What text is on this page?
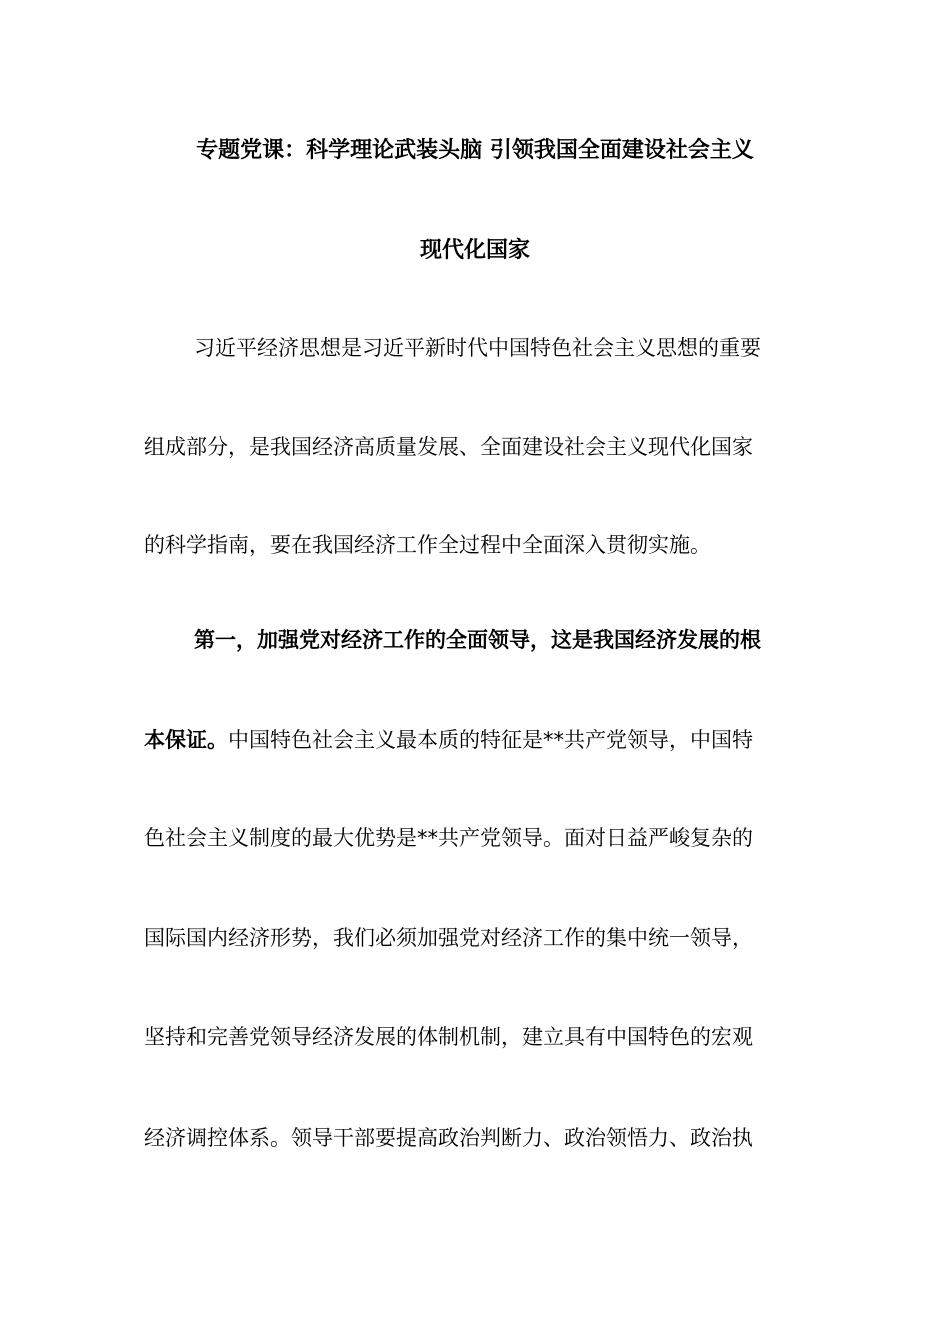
专题党课：科学理论武装头脑 引领我国全面建设社会主义
现代化国家
习近平经济思想是习近平新时代中国特色社会主义思想的重要
组成部分，是我国经济高质量发展、全面建设社会主义现代化国家
的科学指南，要在我国经济工作全过程中全面深入贯彻实施。
第一，加强党对经济工作的全面领导，这是我国经济发展的根
本保证。中国特色社会主义最本质的特征是**共产党领导，中国特
色社会主义制度的最大优势是**共产党领导。面对日益严峻复杂的
国际国内经济形势，我们必须加强党对经济工作的集中统一领导，
坚持和完善党领导经济发展的体制机制，建立具有中国特色的宏观
经济调控体系。领导干部要提高政治判断力、政治领悟力、政治执
